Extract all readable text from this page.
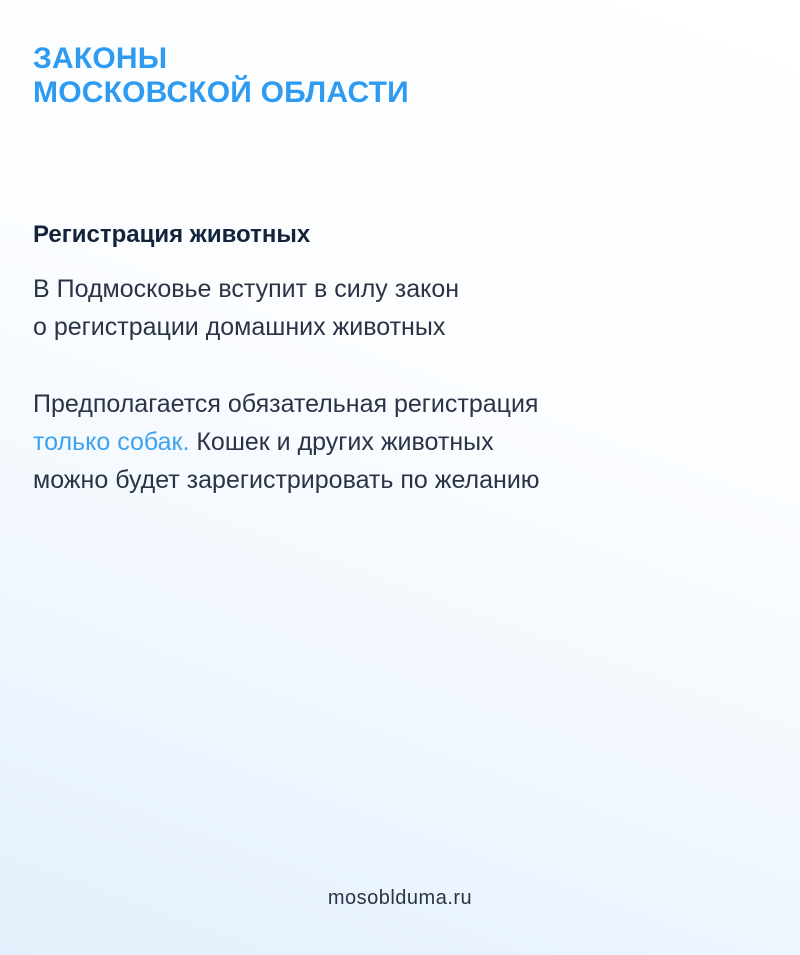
ЗАКОНЫ
МОСКОВСКОЙ ОБЛАСТИ
Регистрация животных

В Подмосковье вступит в силу закон
о регистрации домашних животных

Предполагается обязательная регистрация
только собак. Кошек и других животных
можно будет зарегистрировать по желанию

mosobldumа.ru
